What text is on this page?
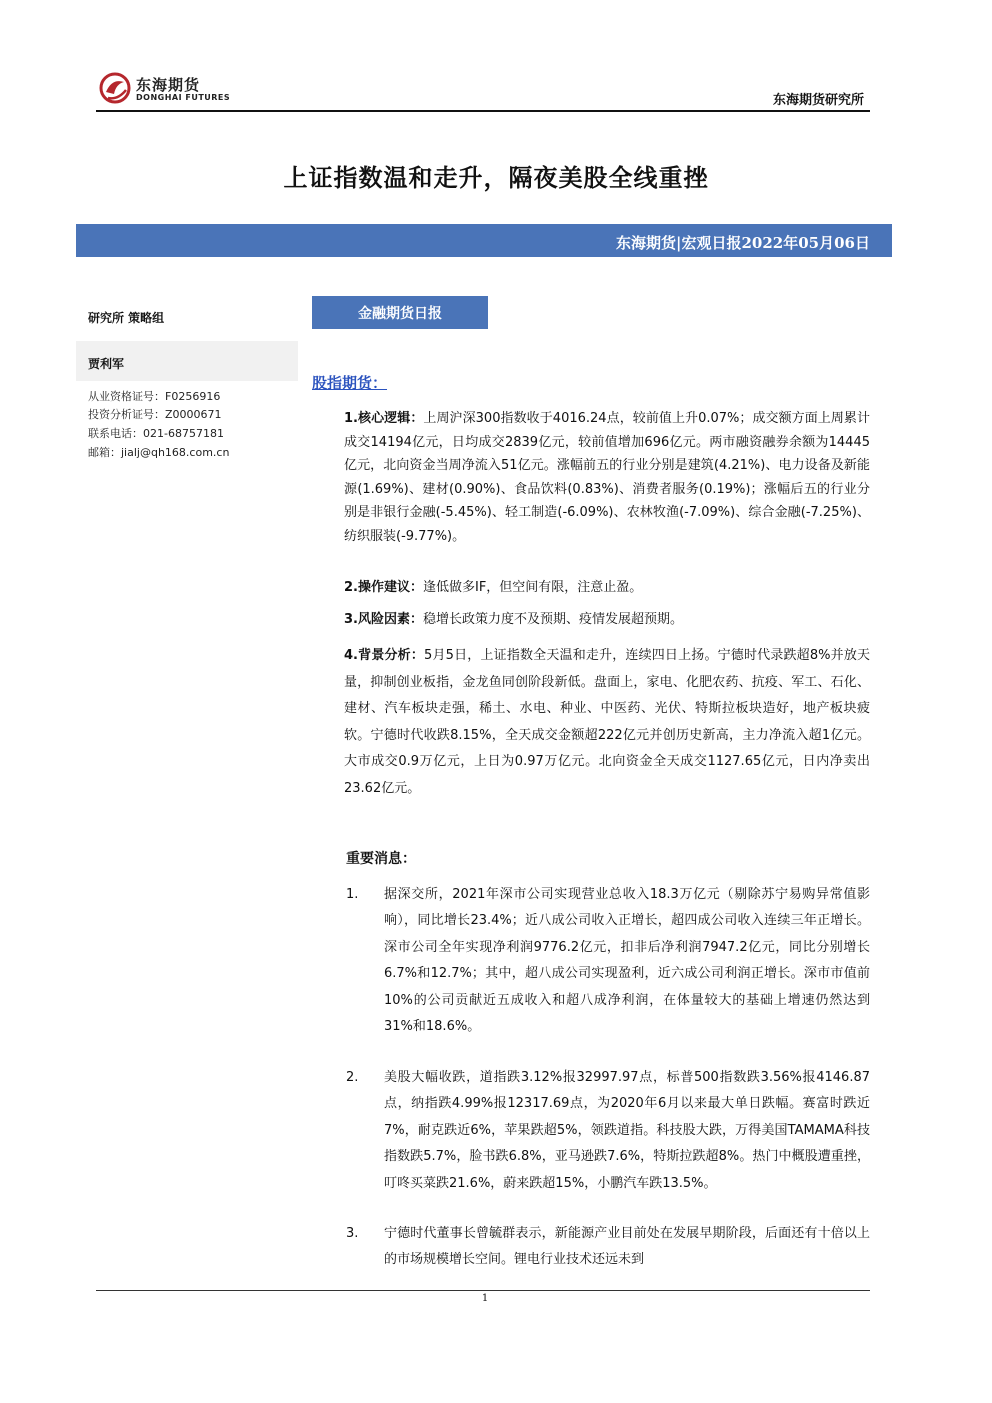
东海期货
DONGHAI FUTURES	东海期货研究所
上证指数温和走升，隔夜美股全线重挫
东海期货|宏观日报2022年05月06日
研究所 策略组
贾利军
从业资格证号：F0256916
投资分析证号：Z0000671
联系电话：021-68757181
邮箱：jialj@qh168.com.cn
金融期货日报
股指期货：
1.核心逻辑：上周沪深300指数收于4016.24点，较前值上升0.07%；成交额方面上周累计成交14194亿元，日均成交2839亿元，较前值增加696亿元。两市融资融券余额为14445亿元，北向资金当周净流入51亿元。涨幅前五的行业分别是建筑(4.21%)、电力设备及新能源(1.69%)、建材(0.90%)、食品饮料(0.83%)、消费者服务(0.19%)；涨幅后五的行业分别是非银行金融(-5.45%)、轻工制造(-6.09%)、农林牧渔(-7.09%)、综合金融(-7.25%)、纺织服装(-9.77%)。
2.操作建议：逢低做多IF，但空间有限，注意止盈。
3.风险因素：稳增长政策力度不及预期、疫情发展超预期。
4.背景分析：5月5日，上证指数全天温和走升，连续四日上扬。宁德时代录跌超8%并放天量，抑制创业板指，金龙鱼同创阶段新低。盘面上，家电、化肥农药、抗疫、军工、石化、建材、汽车板块走强，稀土、水电、种业、中医药、光伏、特斯拉板块造好，地产板块疲软。宁德时代收跌8.15%，全天成交金额超222亿元并创历史新高，主力净流入超1亿元。大市成交0.9万亿元，上日为0.97万亿元。北向资金全天成交1127.65亿元，日内净卖出23.62亿元。
重要消息：
1.	据深交所，2021年深市公司实现营业总收入18.3万亿元（剔除苏宁易购异常值影响），同比增长23.4%；近八成公司收入正增长，超四成公司收入连续三年正增长。深市公司全年实现净利润9776.2亿元，扣非后净利润7947.2亿元，同比分别增长6.7%和12.7%；其中，超八成公司实现盈利，近六成公司利润正增长。深市市值前10%的公司贡献近五成收入和超八成净利润，在体量较大的基础上增速仍然达到31%和18.6%。
2.	美股大幅收跌，道指跌3.12%报32997.97点，标普500指数跌3.56%报4146.87点，纳指跌4.99%报12317.69点，为2020年6月以来最大单日跌幅。赛富时跌近7%，耐克跌近6%，苹果跌超5%，领跌道指。科技股大跌，万得美国TAMAMA科技指数跌5.7%，脸书跌6.8%，亚马逊跌7.6%，特斯拉跌超8%。热门中概股遭重挫，叮咚买菜跌21.6%，蔚来跌超15%，小鹏汽车跌13.5%。
3.	宁德时代董事长曾毓群表示，新能源产业目前处在发展早期阶段，后面还有十倍以上的市场规模增长空间。锂电行业技术还远未到
1
